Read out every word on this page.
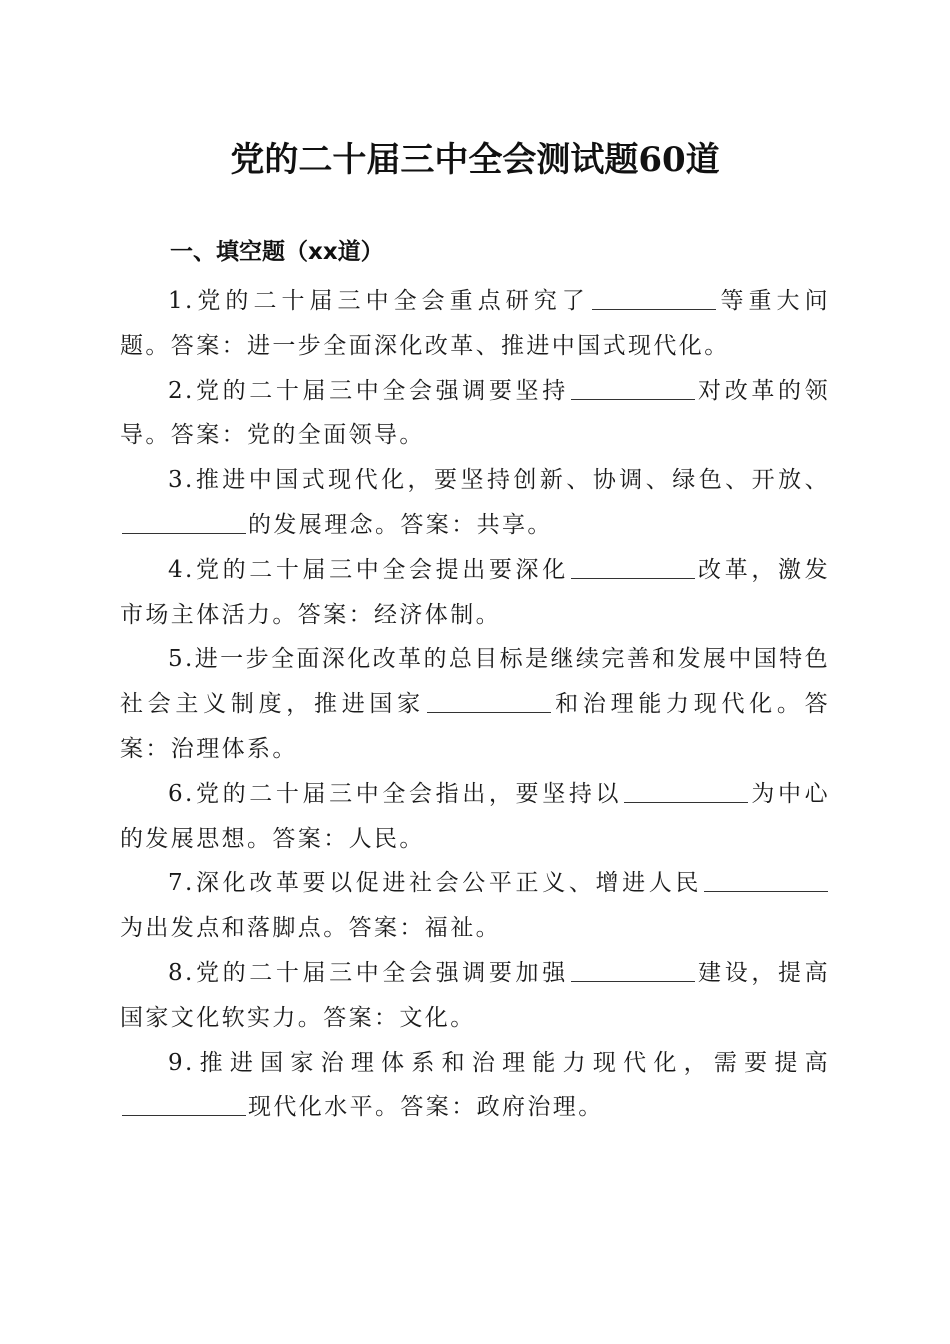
党的二十届三中全会测试题60道
一、填空题（xx道）

1.党的二十届三中全会重点研究了	等重大问题。答案：进一步全面深化改革、推进中国式现代化。

2.党的二十届三中全会强调要坚持	对改革的领导。答案：党的全面领导。

3.推进中国式现代化，要坚持创新、协调、绿色、开放、的发展理念。答案：共享。

4.党的二十届三中全会提出要深化	改革，激发市场主体活力。答案：经济体制。

5.进一步全面深化改革的总目标是继续完善和发展中国特色社会主义制度，推进国家	和治理能力现代化。答案：治理体系。

6.党的二十届三中全会指出，要坚持以	为中心的发展思想。答案：人民。

7.深化改革要以促进社会公平正义、增进人民为出发点和落脚点。答案：福祉。

8.党的二十届三中全会强调要加强	建设，提高国家文化软实力。答案：文化。

9.推进国家治理体系和治理能力现代化，需要提高现代化水平。答案：政府治理。
